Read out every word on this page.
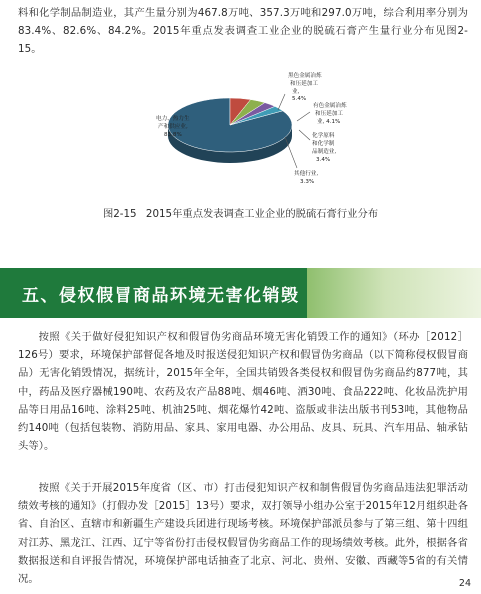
料和化学制品制造业，其产生量分别为467.8万吨、357.3万吨和297.0万吨，综合利用率分别为83.4%、82.6%、84.2%。2015年重点发表调查工业企业的脱硫石膏产生量行业分布见图2-15。

电力、热力生 产和供应业, 83.8%
黑色金属冶炼 和压延加工 业, 5.4%
有色金属冶炼 和压延加工 业, 4.1%
化学原料 和化学制 品制造业, 3.4%
其他行业, 3.3%
图2-15 2015年重点发表调查工业企业的脱硫石膏行业分布
五、侵权假冒商品环境无害化销毁

按照《关于做好侵犯知识产权和假冒伪劣商品环境无害化销毁工作的通知》（环办［2012］126号）要求，环境保护部督促各地及时报送侵犯知识产权和假冒伪劣商品（以下简称侵权假冒商品）无害化销毁情况，据统计，2015年全年，全国共销毁各类侵权和假冒伪劣商品约877吨，其中，药品及医疗器械190吨、农药及农产品88吨、烟46吨、酒30吨、食品222吨、化妆品洗护用品等日用品16吨、涂料25吨、机油25吨、烟花爆竹42吨、盗版或非法出版书刊53吨，其他物品约140吨（包括包装物、消防用品、家具、家用电器、办公用品、皮具、玩具、汽车用品、轴承钻头等）。

按照《关于开展2015年度省（区、市）打击侵犯知识产权和制售假冒伪劣商品违法犯罪活动绩效考核的通知》（打假办发［2015］13号）要求，双打领导小组办公室于2015年12月组织赴各省、自治区、直辖市和新疆生产建设兵团进行现场考核。环境保护部派员参与了第三组、第十四组对江苏、黑龙江、江西、辽宁等省份打击侵权假冒伪劣商品工作的现场绩效考核。此外，根据各省数据报送和自评报告情况，环境保护部电话抽查了北京、河北、贵州、安徽、西藏等5省的有关情况。	24
